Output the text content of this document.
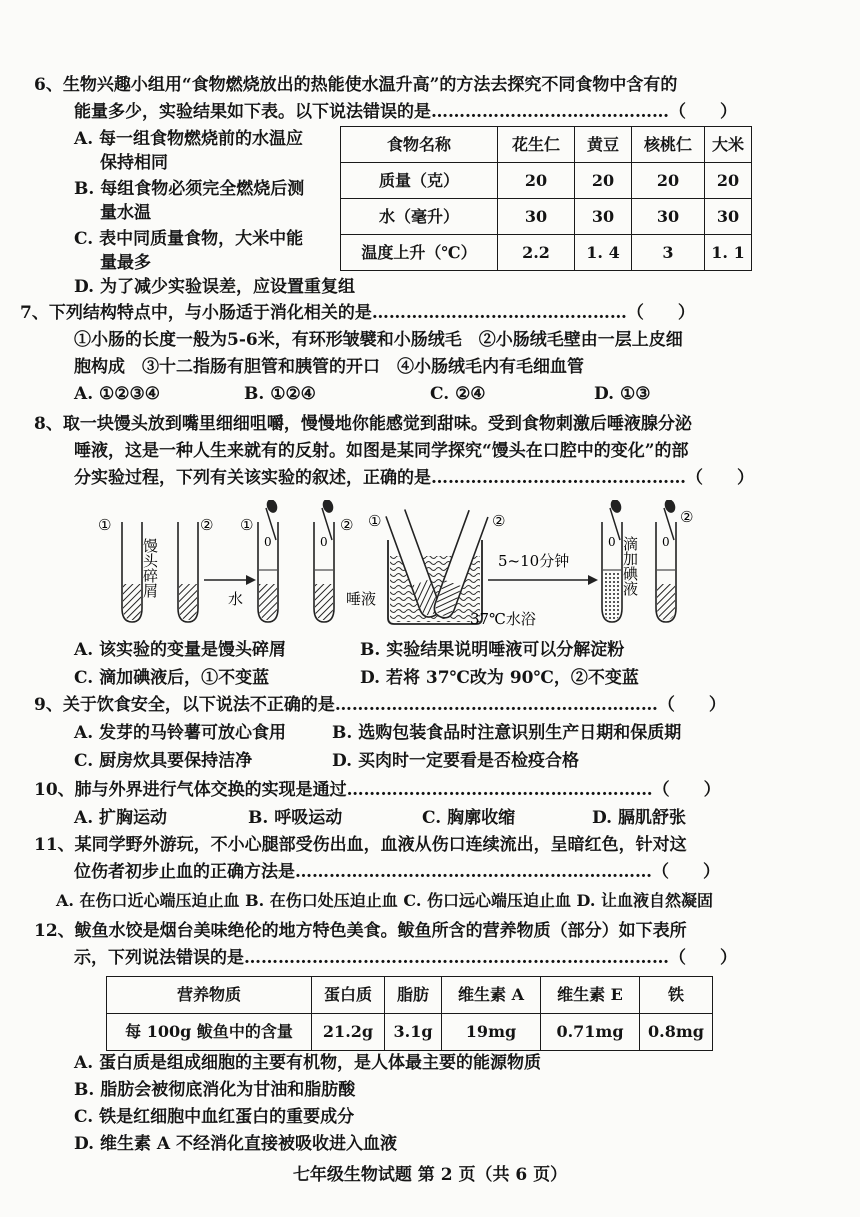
6、生物兴趣小组用“食物燃烧放出的热能使水温升高”的方法去探究不同食物中含有的
能量多少，实验结果如下表。以下说法错误的是……………………………………（　　）
A. 每一组食物燃烧前的水温应
保持相同
B. 每组食物必须完全燃烧后测
量水温
C. 表中同质量食物，大米中能
量最多
D. 为了减少实验误差，应设置重复组
食物名称	花生仁	黄豆	核桃仁	大米
质量（克）	20	20	20	20
水（毫升）	30	30	30	30
温度上升（℃）	2.2	1. 4	3	1. 1
7、下列结构特点中，与小肠适于消化相关的是………………………………………（　　）
①小肠的长度一般为5-6米，有环形皱襞和小肠绒毛　②小肠绒毛壁由一层上皮细
胞构成　③十二指肠有胆管和胰管的开口　④小肠绒毛内有毛细血管
A. ①②③④	B. ①②④	C. ②④	D. ①③
8、取一块馒头放到嘴里细细咀嚼，慢慢地你能感觉到甜味。受到食物刺激后唾液腺分泌
唾液，这是一种人生来就有的反射。如图是某同学探究“馒头在口腔中的变化”的部
分实验过程，下列有关该实验的叙述，正确的是………………………………………（　　）
①	②
馒头碎屑
①
0
水
②
0
唾液
①	②
37℃水浴
5~10分钟
0 滴加碘液
②
0
A. 该实验的变量是馒头碎屑	B. 实验结果说明唾液可以分解淀粉
C. 滴加碘液后，①不变蓝	D. 若将 37℃改为 90℃，②不变蓝
9、关于饮食安全，以下说法不正确的是…………………………………………………（　　）
A. 发芽的马铃薯可放心食用	B. 选购包装食品时注意识别生产日期和保质期
C. 厨房炊具要保持洁净	D. 买肉时一定要看是否检疫合格
10、肺与外界进行气体交换的实现是通过………………………………………………（　　）
A. 扩胸运动	B. 呼吸运动	C. 胸廓收缩	D. 膈肌舒张
11、某同学野外游玩，不小心腿部受伤出血，血液从伤口连续流出，呈暗红色，针对这
位伤者初步止血的正确方法是………………………………………………………（　　）
A. 在伤口近心端压迫止血 B. 在伤口处压迫止血 C. 伤口远心端压迫止血 D. 让血液自然凝固
12、鲅鱼水饺是烟台美味绝伦的地方特色美食。鲅鱼所含的营养物质（部分）如下表所
示，下列说法错误的是…………………………………………………………………（　　）
营养物质	蛋白质	脂肪	维生素 A	维生素 E	铁
每 100g 鲅鱼中的含量	21.2g	3.1g	19mg	0.71mg	0.8mg
A. 蛋白质是组成细胞的主要有机物，是人体最主要的能源物质
B. 脂肪会被彻底消化为甘油和脂肪酸
C. 铁是红细胞中血红蛋白的重要成分
D. 维生素 A 不经消化直接被吸收进入血液
七年级生物试题 第 2 页（共 6 页）
